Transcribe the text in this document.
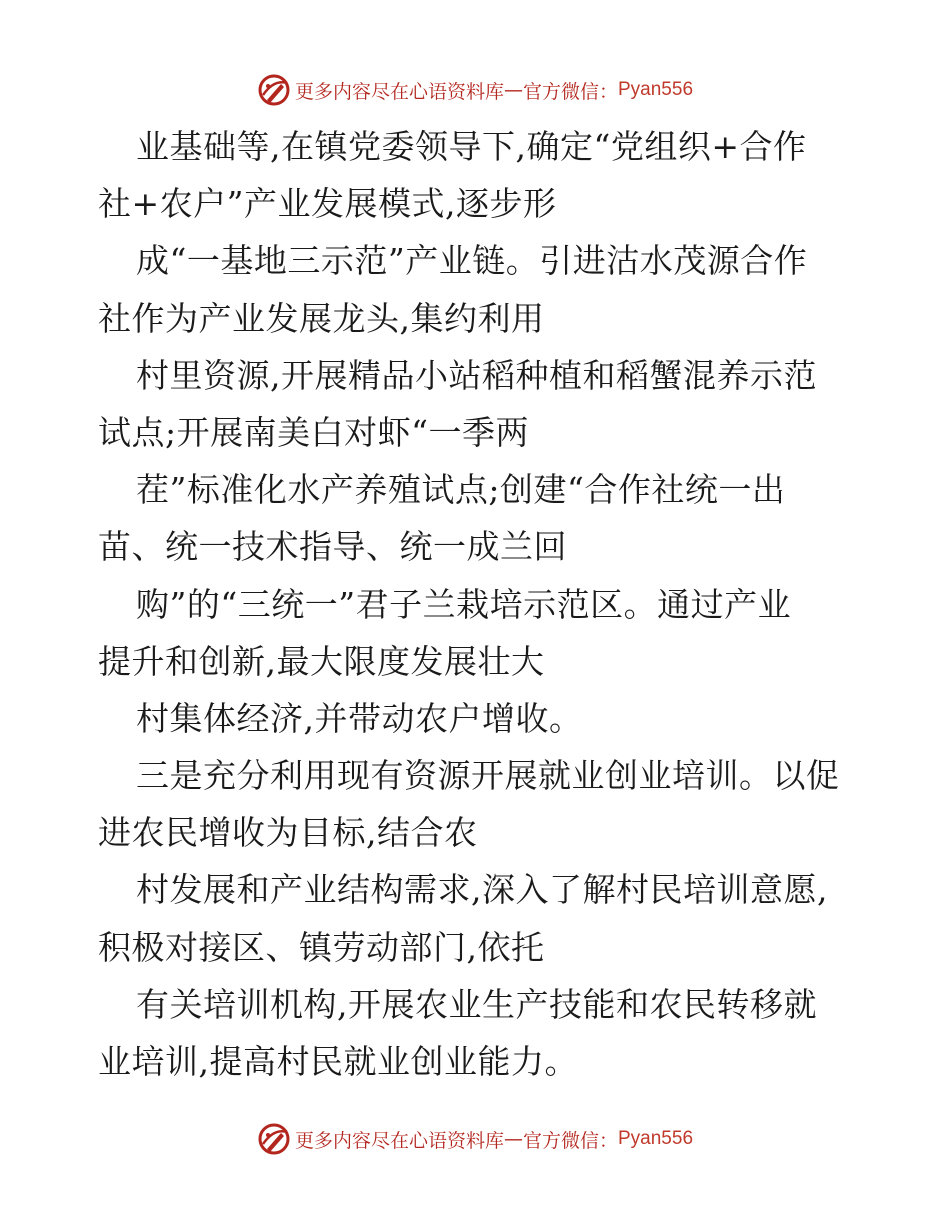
更多内容尽在心语资料库 — 官方微信： Pyan556
业基础等,在镇党委领导下,确定“党组织+合作
社+农户”产业发展模式,逐步形
成“一基地三示范”产业链。引进沽水茂源合作
社作为产业发展龙头,集约利用
村里资源,开展精品小站稻种植和稻蟹混养示范
试点;开展南美白对虾“一季两
茬”标准化水产养殖试点;创建“合作社统一出
苗、统一技术指导、统一成兰回
购”的“三统一”君子兰栽培示范区。通过产业
提升和创新,最大限度发展壮大
村集体经济,并带动农户增收。
三是充分利用现有资源开展就业创业培训。以促
进农民增收为目标,结合农
村发展和产业结构需求,深入了解村民培训意愿,
积极对接区、镇劳动部门,依托
有关培训机构,开展农业生产技能和农民转移就
业培训,提高村民就业创业能力。
更多内容尽在心语资料库 — 官方微信： Pyan556
